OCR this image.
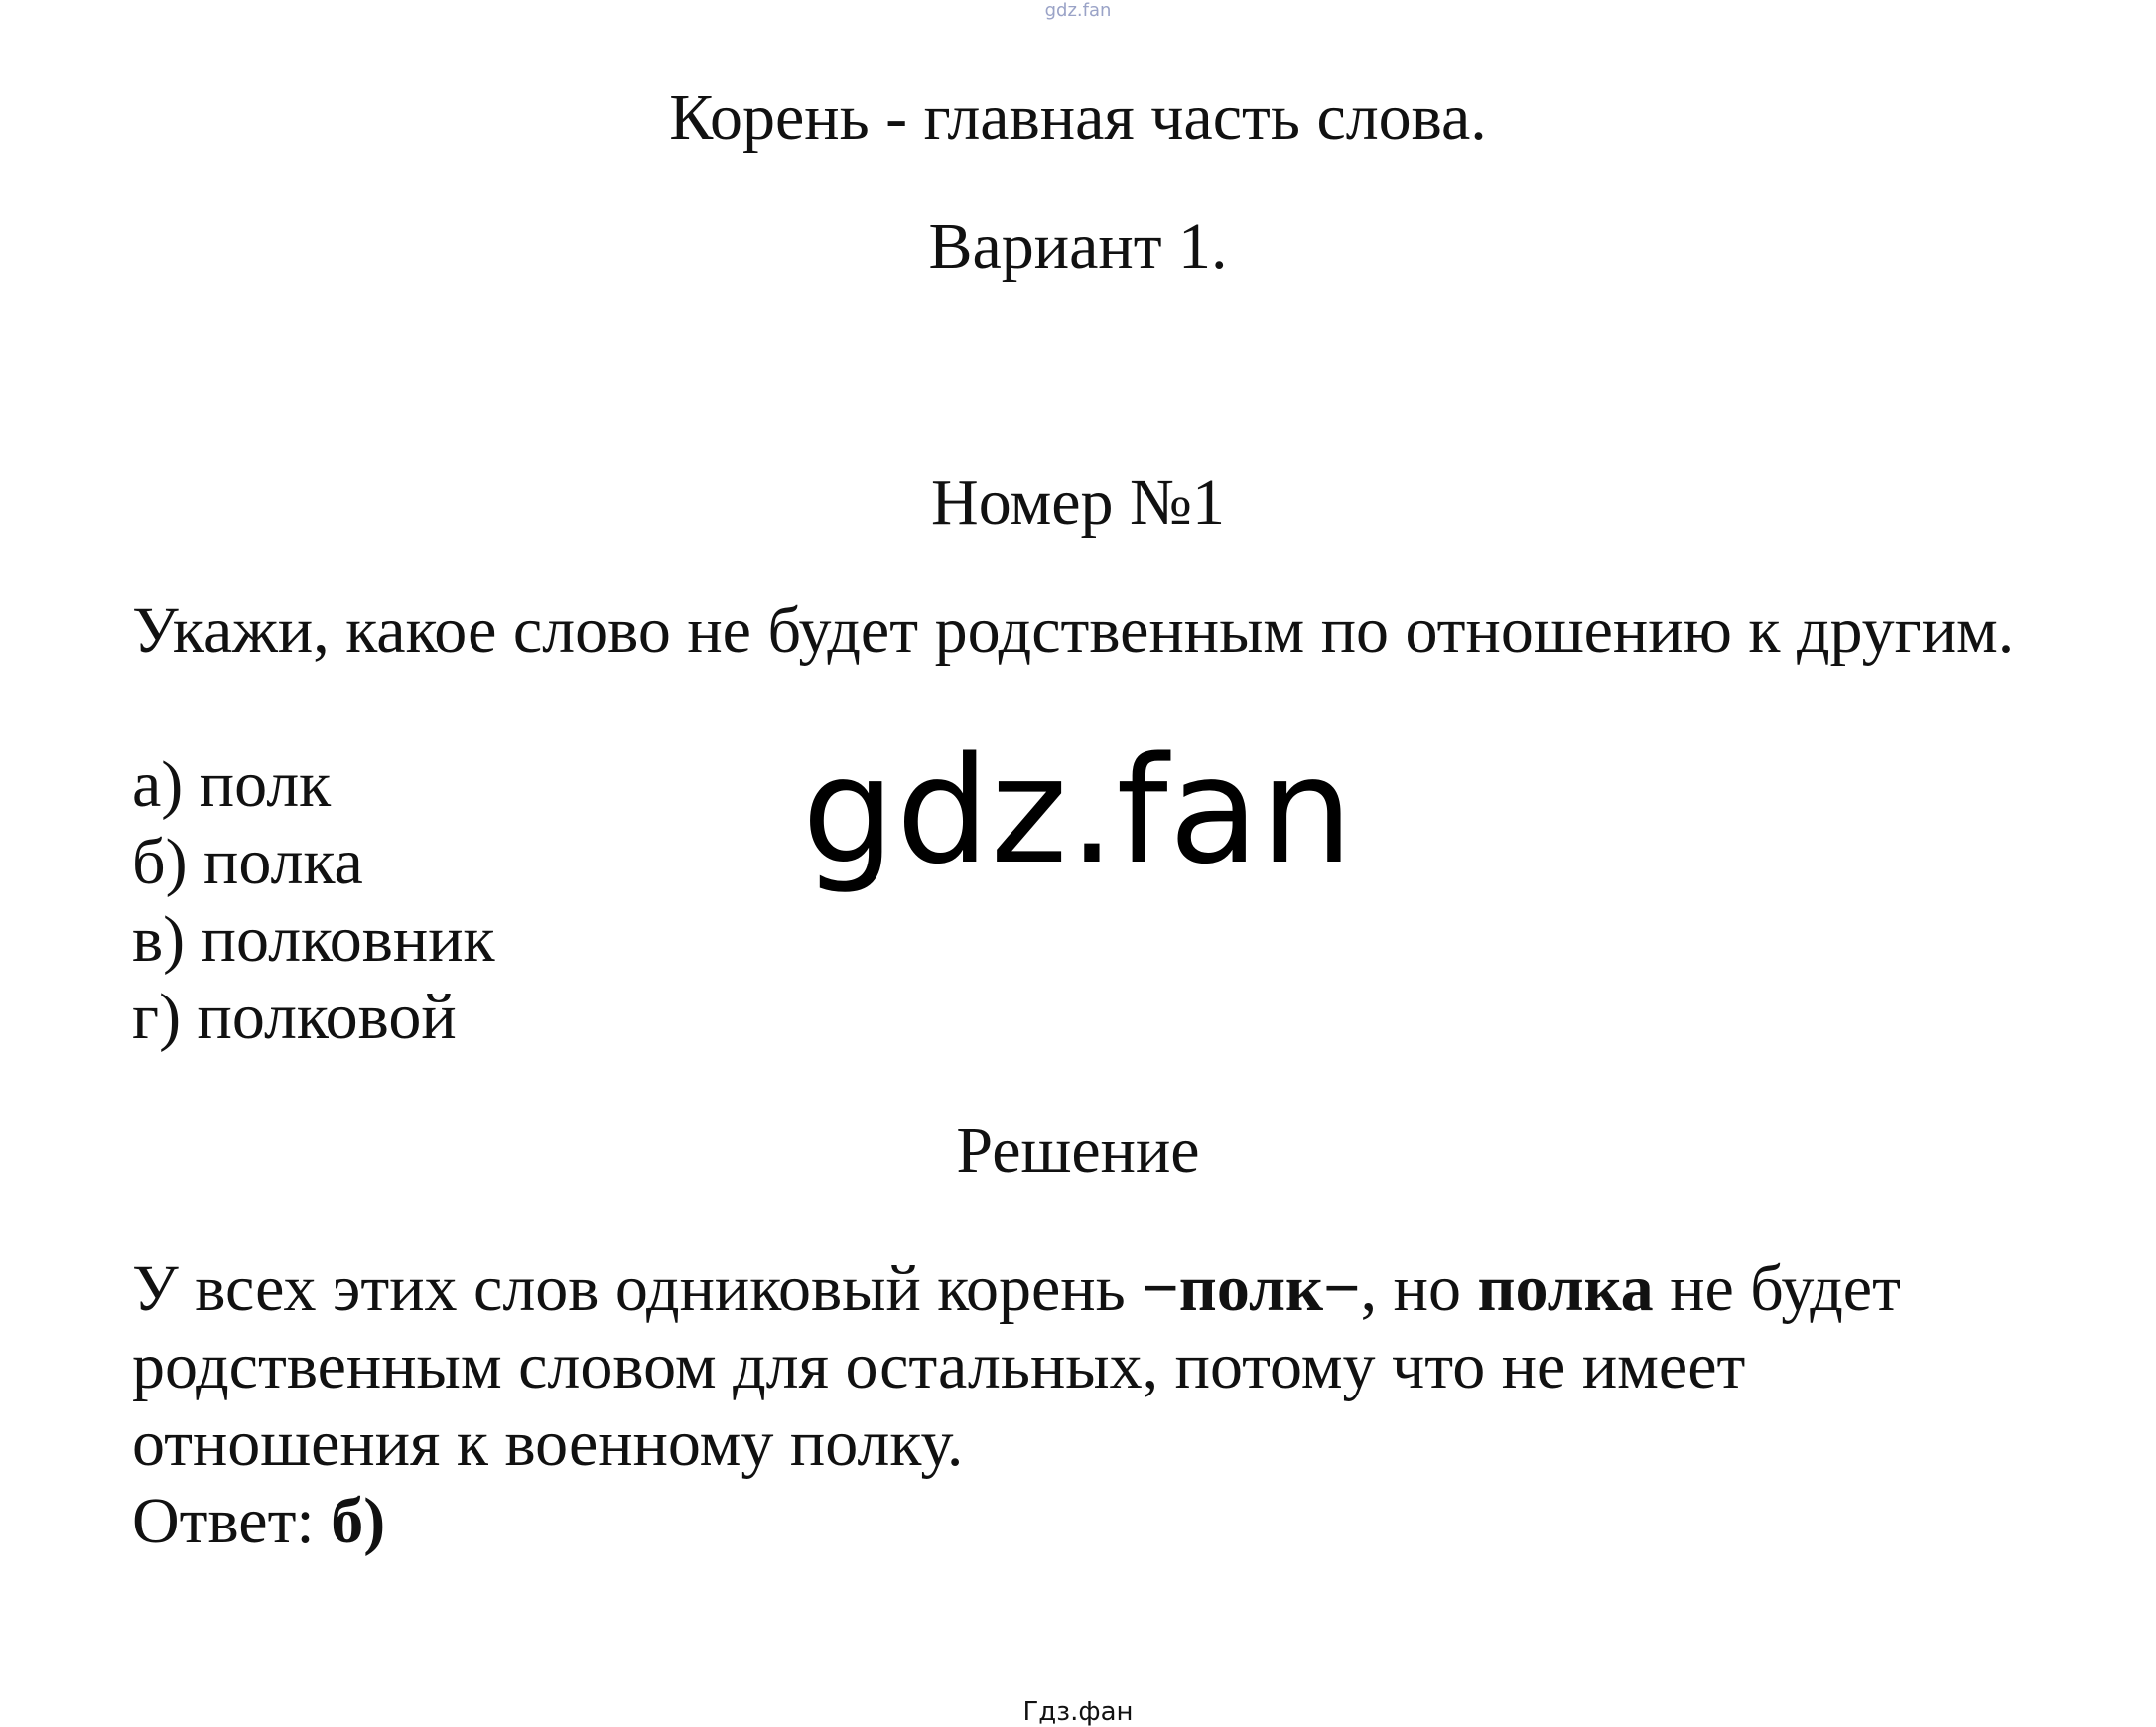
gdz.fan
Корень - главная часть слова.
Вариант 1.
Номер №1
Укажи, какое слово не будет родственным по отношению к другим.
а) полк
б) полка
в) полковник
г) полковой
gdz.fan
Решение
У всех этих слов одниковый корень −полк−, но полка не будет родственным словом для остальных, потому что не имеет отношения к военному полку.
Ответ: б)
Гдз.фан
